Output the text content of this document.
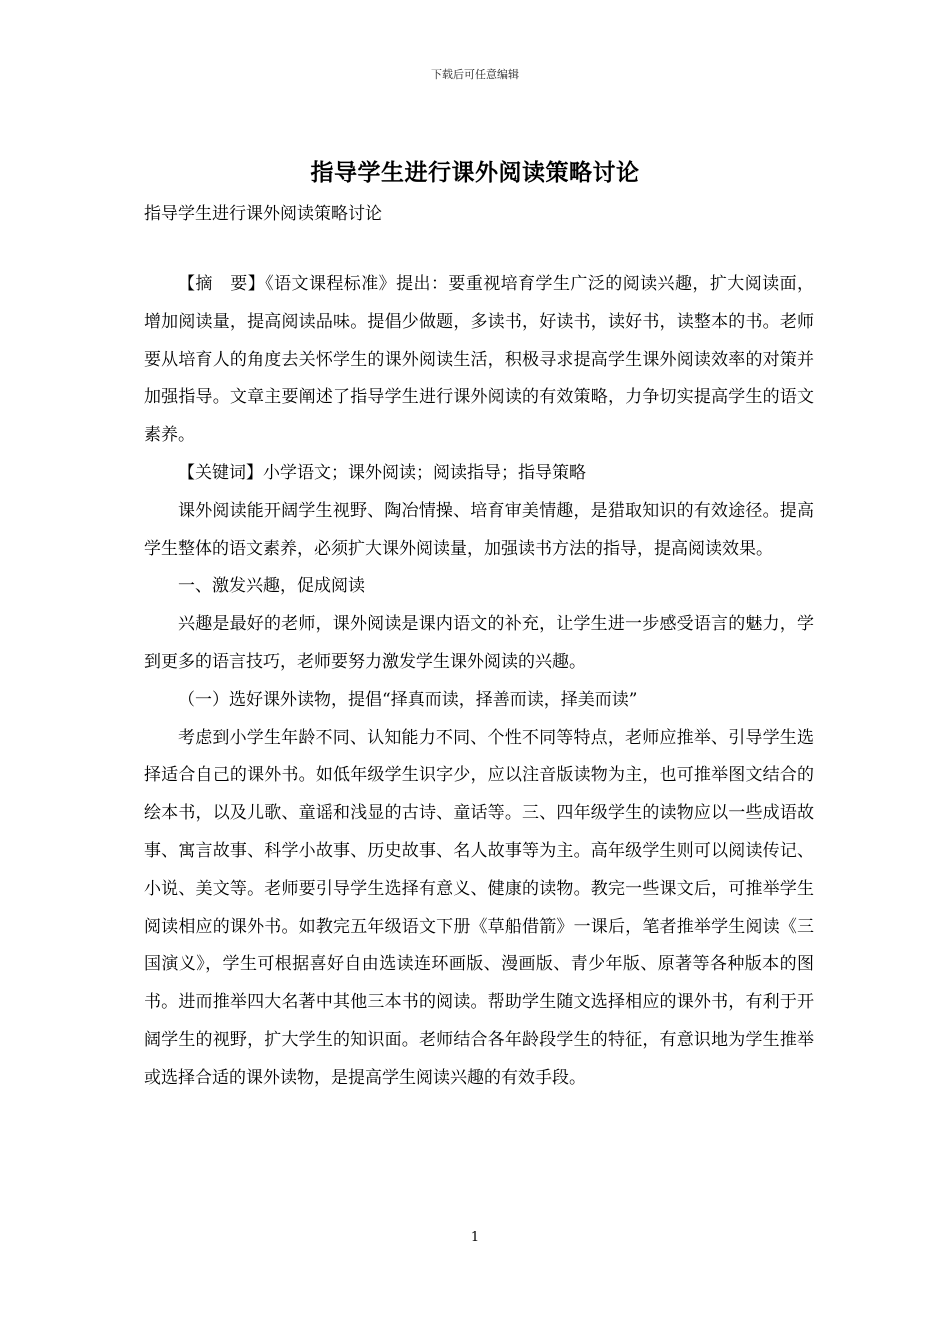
下载后可任意编辑
指导学生进行课外阅读策略讨论
指导学生进行课外阅读策略讨论

【摘　要】《语文课程标准》提出：要重视培育学生广泛的阅读兴趣，扩大阅读面，增加阅读量，提高阅读品味。提倡少做题，多读书，好读书，读好书，读整本的书。老师要从培育人的角度去关怀学生的课外阅读生活，积极寻求提高学生课外阅读效率的对策并加强指导。文章主要阐述了指导学生进行课外阅读的有效策略，力争切实提高学生的语文素养。

【关键词】小学语文；课外阅读；阅读指导；指导策略

课外阅读能开阔学生视野、陶冶情操、培育审美情趣，是猎取知识的有效途径。提高学生整体的语文素养，必须扩大课外阅读量，加强读书方法的指导，提高阅读效果。

一、激发兴趣，促成阅读

兴趣是最好的老师，课外阅读是课内语文的补充，让学生进一步感受语言的魅力，学到更多的语言技巧，老师要努力激发学生课外阅读的兴趣。

（一）选好课外读物，提倡“择真而读，择善而读，择美而读”

考虑到小学生年龄不同、认知能力不同、个性不同等特点，老师应推举、引导学生选择适合自己的课外书。如低年级学生识字少，应以注音版读物为主，也可推举图文结合的绘本书，以及儿歌、童谣和浅显的古诗、童话等。三、四年级学生的读物应以一些成语故事、寓言故事、科学小故事、历史故事、名人故事等为主。高年级学生则可以阅读传记、小说、美文等。老师要引导学生选择有意义、健康的读物。教完一些课文后，可推举学生阅读相应的课外书。如教完五年级语文下册《草船借箭》一课后，笔者推举学生阅读《三国演义》，学生可根据喜好自由选读连环画版、漫画版、青少年版、原著等各种版本的图书。进而推举四大名著中其他三本书的阅读。帮助学生随文选择相应的课外书，有利于开阔学生的视野，扩大学生的知识面。老师结合各年龄段学生的特征，有意识地为学生推举或选择合适的课外读物，是提高学生阅读兴趣的有效手段。

1
